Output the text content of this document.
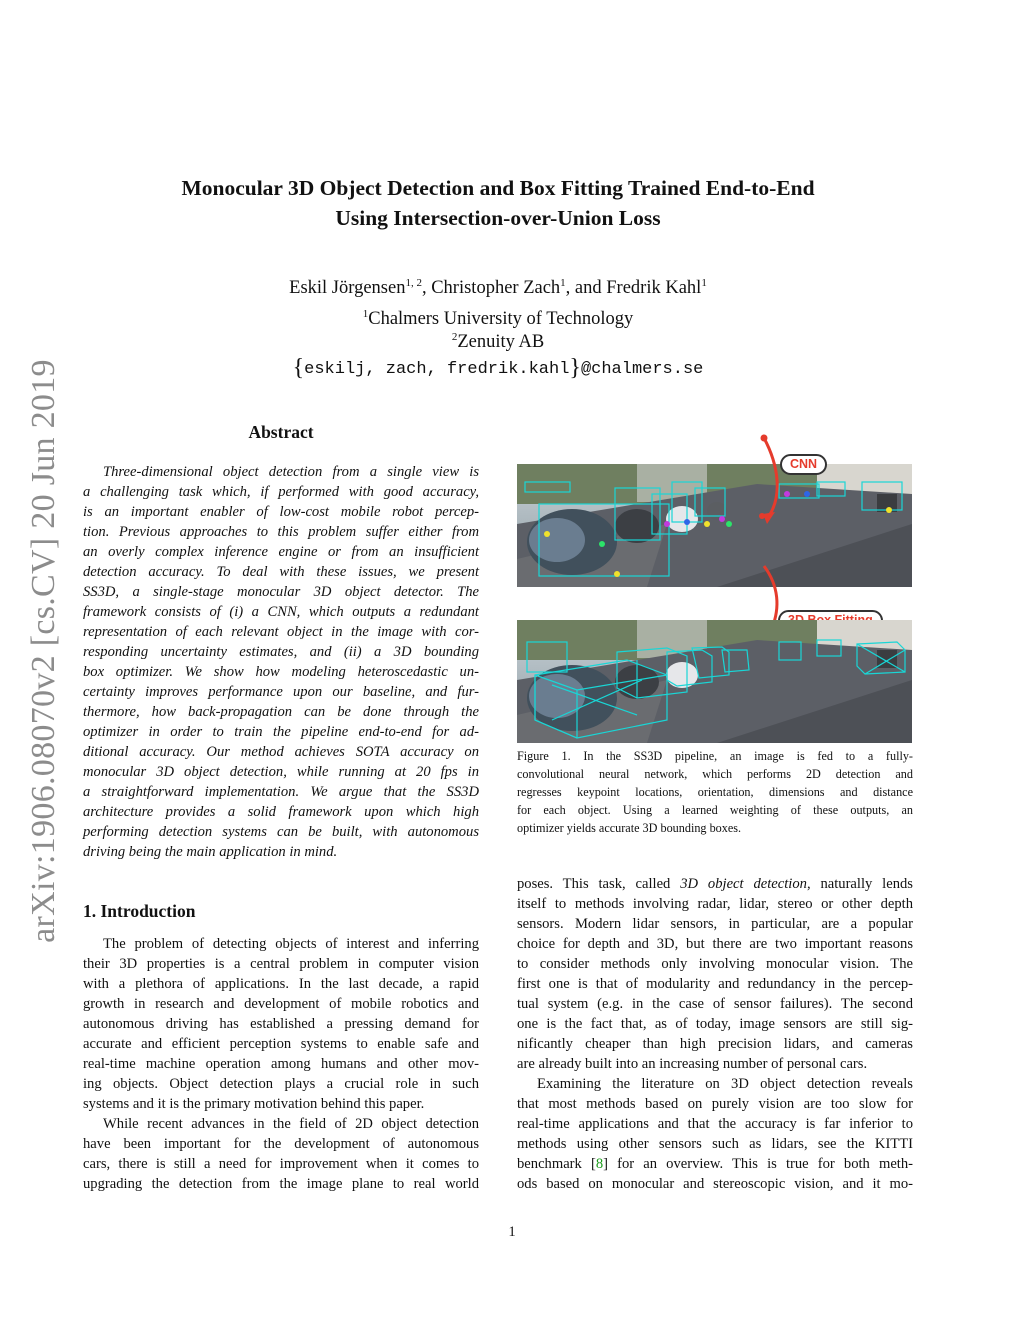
arXiv:1906.08070v2 [cs.CV] 20 Jun 2019
Monocular 3D Object Detection and Box Fitting Trained End-to-End
Using Intersection-over-Union Loss
Eskil Jörgensen$^{1, 2}$, Christopher Zach$^1$, and Fredrik Kahl$^1$
$^1$Chalmers University of Technology
$^2$Zenuity AB
{eskilj, zach, fredrik.kahl}@chalmers.se
Abstract
Three-dimensional object detection from a single view is
a challenging task which, if performed with good accuracy,
is an important enabler of low-cost mobile robot percep-
tion. Previous approaches to this problem suffer either from
an overly complex inference engine or from an insufficient
detection accuracy. To deal with these issues, we present
SS3D, a single-stage monocular 3D object detector. The
framework consists of (i) a CNN, which outputs a redundant
representation of each relevant object in the image with cor-
responding uncertainty estimates, and (ii) a 3D bounding
box optimizer. We show how modeling heteroscedastic un-
certainty improves performance upon our baseline, and fur-
thermore, how back-propagation can be done through the
optimizer in order to train the pipeline end-to-end for ad-
ditional accuracy. Our method achieves SOTA accuracy on
monocular 3D object detection, while running at 20 fps in
a straightforward implementation. We argue that the SS3D
architecture provides a solid framework upon which high
performing detection systems can be built, with autonomous
driving being the main application in mind.
1. Introduction
The problem of detecting objects of interest and inferring
their 3D properties is a central problem in computer vision
with a plethora of applications. In the last decade, a rapid
growth in research and development of mobile robotics and
autonomous driving has established a pressing demand for
accurate and efficient perception systems to enable safe and
real-time machine operation among humans and other mov-
ing objects. Object detection plays a crucial role in such
systems and it is the primary motivation behind this paper.
While recent advances in the field of 2D object detection
have been important for the development of autonomous
cars, there is still a need for improvement when it comes to
upgrading the detection from the image plane to real world
CNN
Figure 1. In the SS3D pipeline, an image is fed to a fully-
convolutional neural network, which performs 2D detection and
regresses keypoint locations, orientation, dimensions and distance
for each object. Using a learned weighting of these outputs, an
optimizer yields accurate 3D bounding boxes.
poses. This task, called 3D object detection, naturally lends
itself to methods involving radar, lidar, stereo or other depth
sensors. Modern lidar sensors, in particular, are a popular
choice for depth and 3D, but there are two important reasons
to consider methods only involving monocular vision. The
first one is that of modularity and redundancy in the percep-
tual system (e.g. in the case of sensor failures). The second
one is the fact that, as of today, image sensors are still sig-
nificantly cheaper than high precision lidars, and cameras
are already built into an increasing number of personal cars.
Examining the literature on 3D object detection reveals
that most methods based on purely vision are too slow for
real-time applications and that the accuracy is far inferior to
methods using other sensors such as lidars, see the KITTI
benchmark [8] for an overview. This is true for both meth-
ods based on monocular and stereoscopic vision, and it mo-
1
